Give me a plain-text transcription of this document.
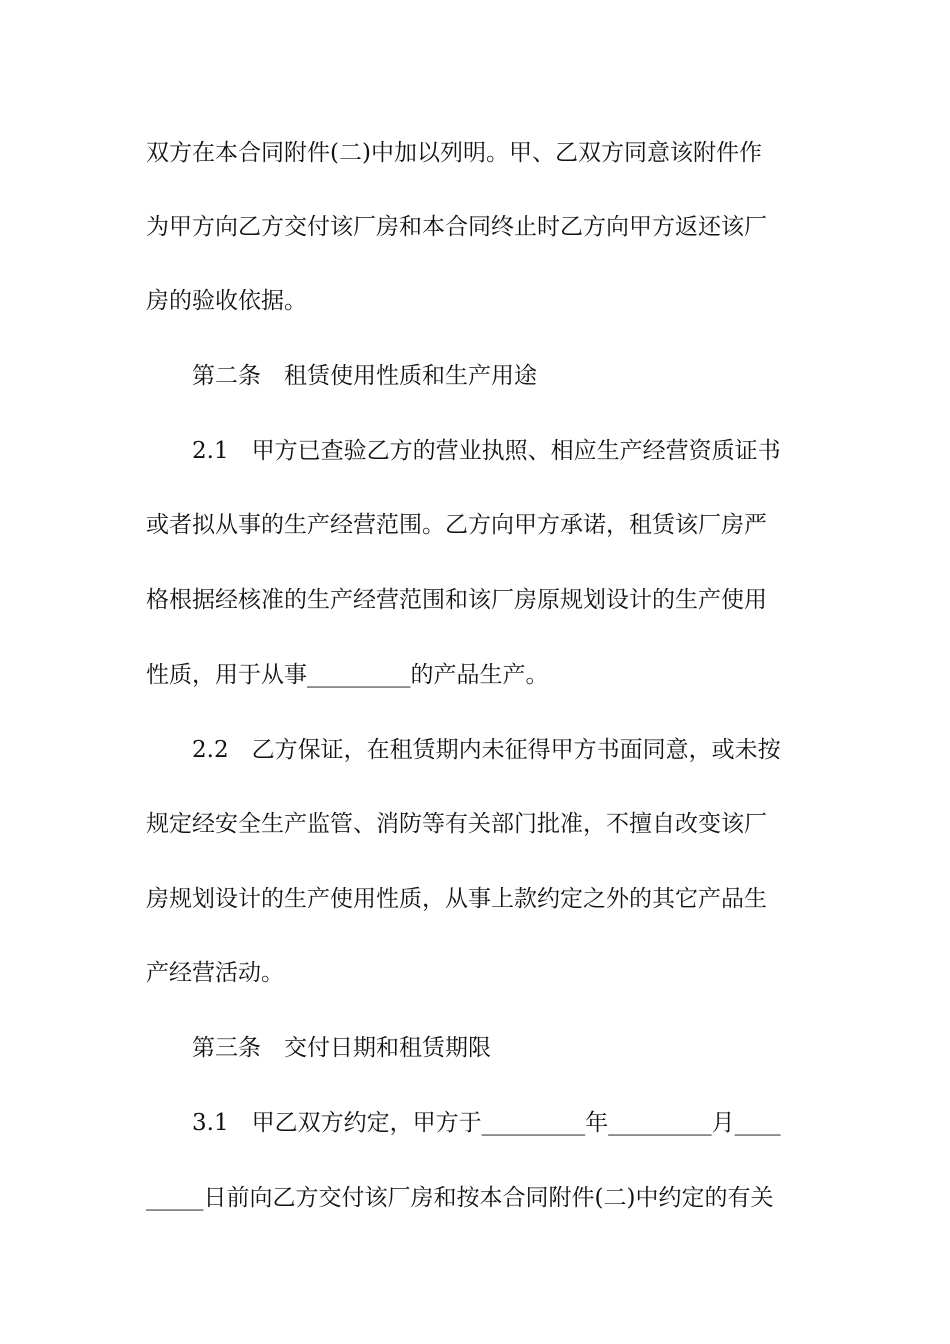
双方在本合同附件(二)中加以列明。甲、乙双方同意该附件作
为甲方向乙方交付该厂房和本合同终止时乙方向甲方返还该厂
房的验收依据。
第二条　租赁使用性质和生产用途
2.1　甲方已查验乙方的营业执照、相应生产经营资质证书
或者拟从事的生产经营范围。乙方向甲方承诺，租赁该厂房严
格根据经核准的生产经营范围和该厂房原规划设计的生产使用
性质，用于从事_________的产品生产。
2.2　乙方保证，在租赁期内未征得甲方书面同意，或未按
规定经安全生产监管、消防等有关部门批准，不擅自改变该厂
房规划设计的生产使用性质，从事上款约定之外的其它产品生
产经营活动。
第三条　交付日期和租赁期限
3.1　甲乙双方约定，甲方于_________年_________月____
_____日前向乙方交付该厂房和按本合同附件(二)中约定的有关
